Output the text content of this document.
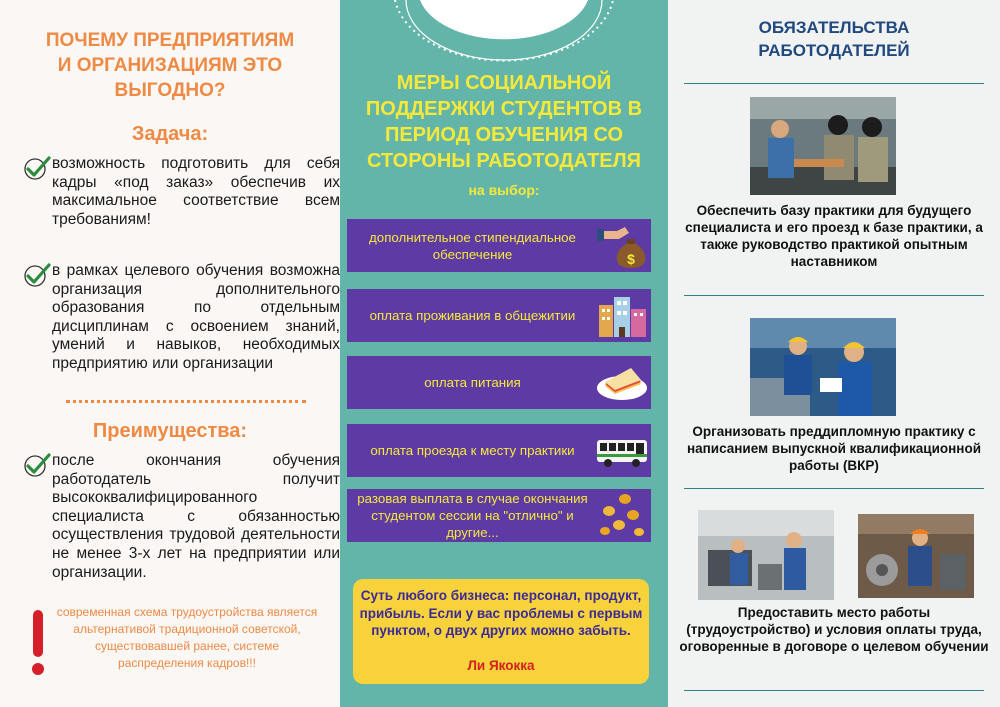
ПОЧЕМУ ПРЕДПРИЯТИЯМ
И ОРГАНИЗАЦИЯМ ЭТО
ВЫГОДНО?
Задача:
возможность подготовить для себя кадры «под заказ» обеспечив их максимальное соответствие всем требованиям!
в рамках целевого обучения возможна организация дополнительного образования по отдельным дисциплинам с освоением знаний, умений и навыков, необходимых предприятию или организации
Преимущества:
после окончания обучения работодатель получит высококвалифицированного специалиста с обязанностью осуществления трудовой деятельности не менее 3-х лет на предприятии или организации.
современная схема трудоустройства является альтернативой традиционной советской, существовавшей ранее, системе распределения кадров!!!
МЕРЫ СОЦИАЛЬНОЙ
ПОДДЕРЖКИ СТУДЕНТОВ В
ПЕРИОД ОБУЧЕНИЯ СО
СТОРОНЫ РАБОТОДАТЕЛЯ
на выбор:
дополнительное стипендиальное обеспечение	$
оплата проживания в общежитии
оплата питания
оплата проезда к месту практики
разовая выплата в случае окончания студентом сессии на "отлично" и другие...
Суть любого бизнеса: персонал, продукт, прибыль. Если у вас проблемы с первым пунктом, о двух других можно забыть.
Ли Якокка
ОБЯЗАТЕЛЬСТВА
РАБОТОДАТЕЛЕЙ
Обеспечить базу практики для будущего специалиста и его проезд к базе практики, а также руководство практикой опытным наставником
Организовать преддипломную практику с написанием выпускной квалификационной работы (ВКР)
Предоставить место работы (трудоустройство) и условия оплаты труда, оговоренные в договоре о целевом обучении
